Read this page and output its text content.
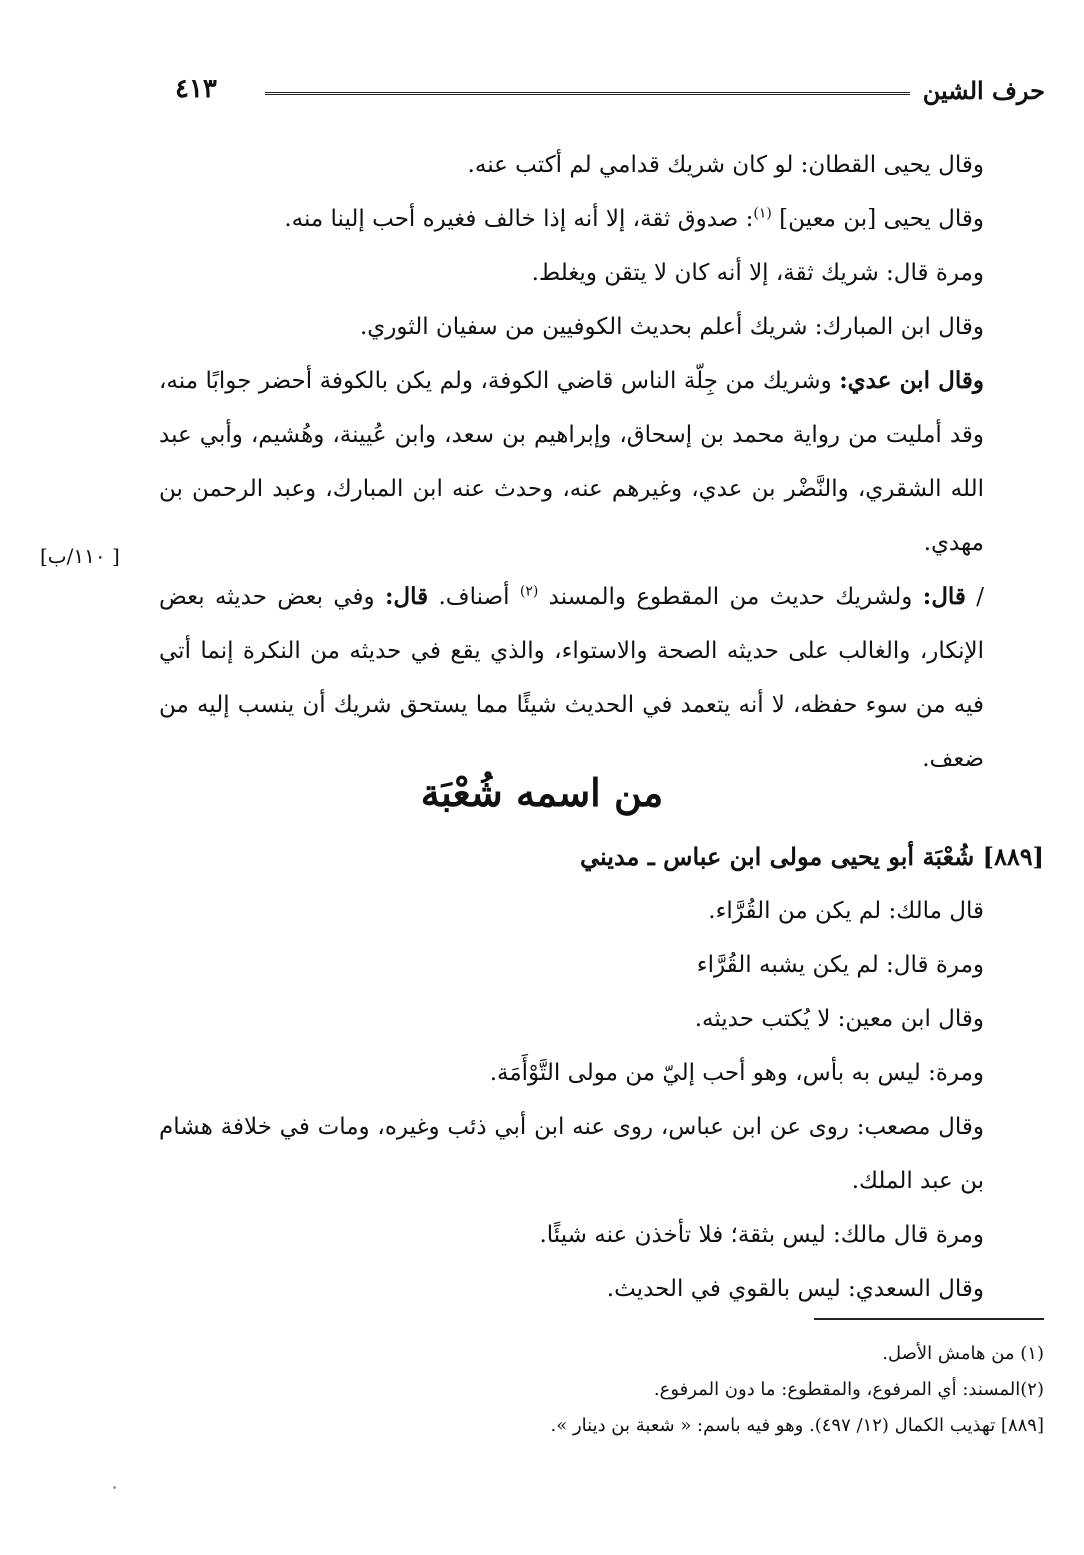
حرف الشين
٤١٣

وقال يحيى القطان: لو كان شريك قدامي لم أكتب عنه.

وقال يحيى [بن معين] $^{(١)}$: صدوق ثقة، إلا أنه إذا خالف فغيره أحب إلينا منه.

ومرة قال: شريك ثقة، إلا أنه كان لا يتقن ويغلط.

وقال ابن المبارك: شريك أعلم بحديث الكوفيين من سفيان الثوري.

وقال ابن عدي: وشريك من جِلّة الناس قاضي الكوفة، ولم يكن بالكوفة أحضر جوابًا منه، وقد أمليت من رواية محمد بن إسحاق، وإبراهيم بن سعد، وابن عُيينة، وهُشيم، وأبي عبد الله الشقري، والنَّضْر بن عدي، وغيرهم عنه، وحدث عنه ابن المبارك، وعبد الرحمن بن مهدي.

/ قال: ولشريك حديث من المقطوع والمسند $^{(٢)}$ أصناف. قال: وفي بعض حديثه بعض الإنكار، والغالب على حديثه الصحة والاستواء، والذي يقع في حديثه من النكرة إنما أتي فيه من سوء حفظه، لا أنه يتعمد في الحديث شيئًا مما يستحق شريك أن ينسب إليه من ضعف.

[ ١١٠/ب]
من اسمه شُعْبَة

[٨٨٩] شُعْبَة أبو يحيى مولى ابن عباس ـ مديني

قال مالك: لم يكن من القُرَّاء.

ومرة قال: لم يكن يشبه القُرَّاء

وقال ابن معين: لا يُكتب حديثه.

ومرة: ليس به بأس، وهو أحب إليّ من مولى التَّوْأَمَة.

وقال مصعب: روى عن ابن عباس، روى عنه ابن أبي ذئب وغيره، ومات في خلافة هشام بن عبد الملك.

ومرة قال مالك: ليس بثقة؛ فلا تأخذن عنه شيئًا.

وقال السعدي: ليس بالقوي في الحديث.

(١) من هامش الأصل.

(٢)المسند: أي المرفوع، والمقطوع: ما دون المرفوع.

[٨٨٩] تهذيب الكمال (١٢/ ٤٩٧). وهو فيه باسم: « شعبة بن دينار ».
